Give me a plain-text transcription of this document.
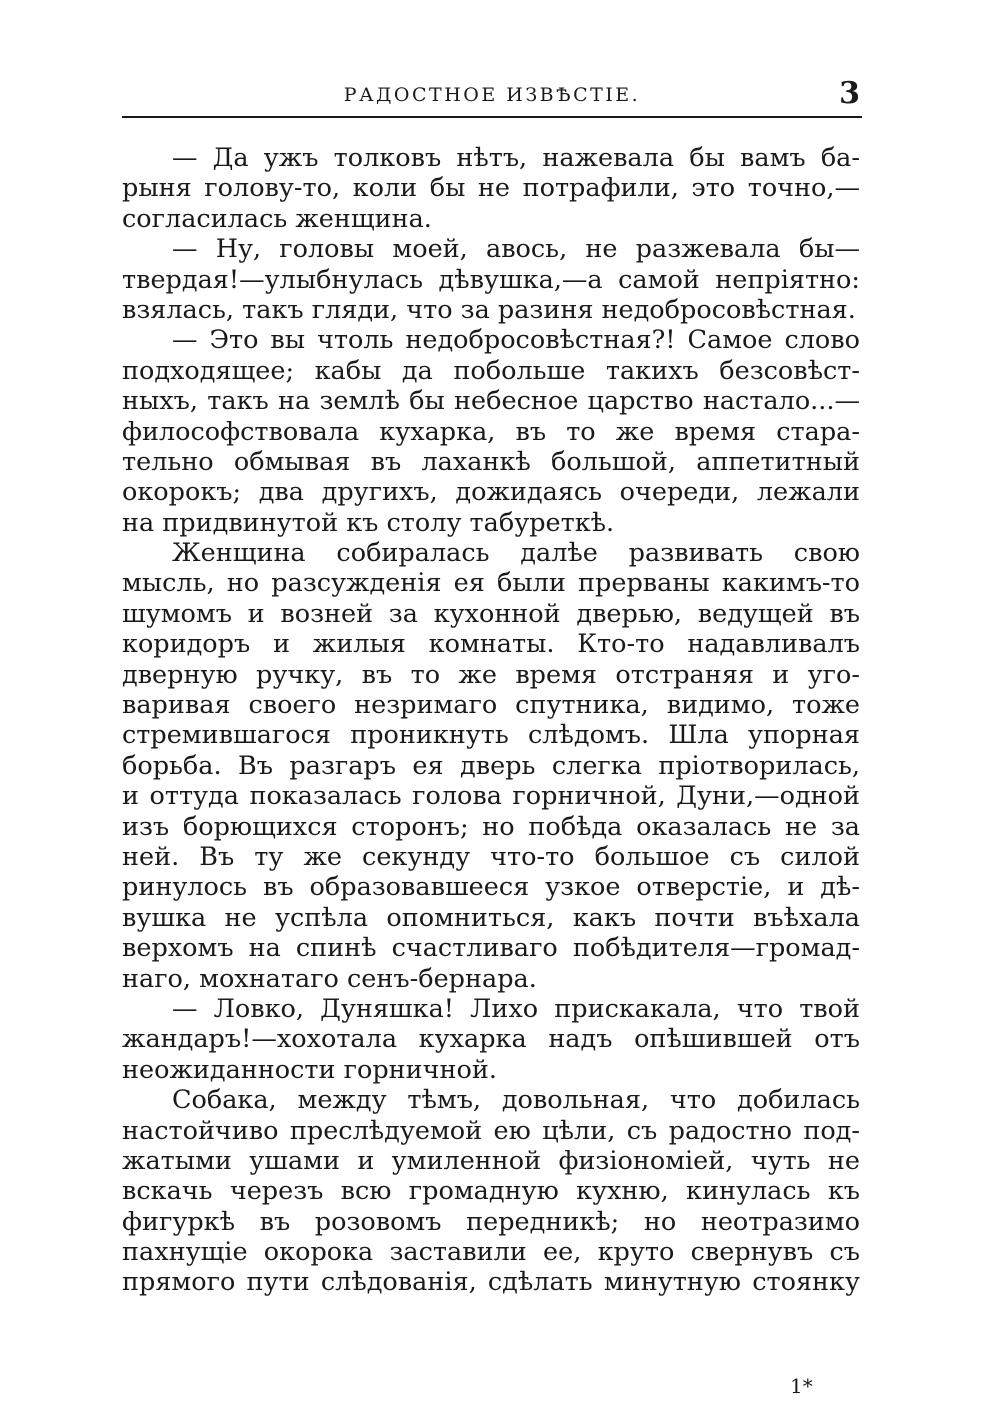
РАДОСТНОЕ ИЗВѢСТІЕ.	3
— Да ужъ толковъ нѣтъ, нажевала бы вамъ ба-
рыня голову-то, коли бы не потрафили, это точно,—
согласилась женщина.
— Ну, головы моей, авось, не разжевала бы—
твердая!—улыбнулась дѣвушка,—а самой непріятно:
взялась, такъ гляди, что за разиня недобросовѣстная.
— Это вы чтоль недобросовѣстная?! Самое слово
подходящее; кабы да побольше такихъ безсовѣст-
ныхъ, такъ на землѣ бы небесное царство настало...—
философствовала кухарка, въ то же время стара-
тельно обмывая въ лаханкѣ большой, аппетитный
окорокъ; два другихъ, дожидаясь очереди, лежали
на придвинутой къ столу табуреткѣ.
Женщина собиралась далѣе развивать свою
мысль, но разсужденія ея были прерваны какимъ-то
шумомъ и возней за кухонной дверью, ведущей въ
коридоръ и жилыя комнаты. Кто-то надавливалъ
дверную ручку, въ то же время отстраняя и уго-
варивая своего незримаго спутника, видимо, тоже
стремившагося проникнуть слѣдомъ. Шла упорная
борьба. Въ разгаръ ея дверь слегка пріотворилась,
и оттуда показалась голова горничной, Дуни,—одной
изъ борющихся сторонъ; но побѣда оказалась не за
ней. Въ ту же секунду что-то большое съ силой
ринулось въ образовавшееся узкое отверстіе, и дѣ-
вушка не успѣла опомниться, какъ почти въѣхала
верхомъ на спинѣ счастливаго побѣдителя—громад-
наго, мохнатаго сенъ-бернара.
— Ловко, Дуняшка! Лихо прискакала, что твой
жандаръ!—хохотала кухарка надъ опѣшившей отъ
неожиданности горничной.
Собака, между тѣмъ, довольная, что добилась
настойчиво преслѣдуемой ею цѣли, съ радостно под-
жатыми ушами и умиленной физіономіей, чуть не
вскачь черезъ всю громадную кухню, кинулась къ
фигуркѣ въ розовомъ передникѣ; но неотразимо
пахнущіе окорока заставили ее, круто свернувъ съ
прямого пути слѣдованія, сдѣлать минутную стоянку
1*
